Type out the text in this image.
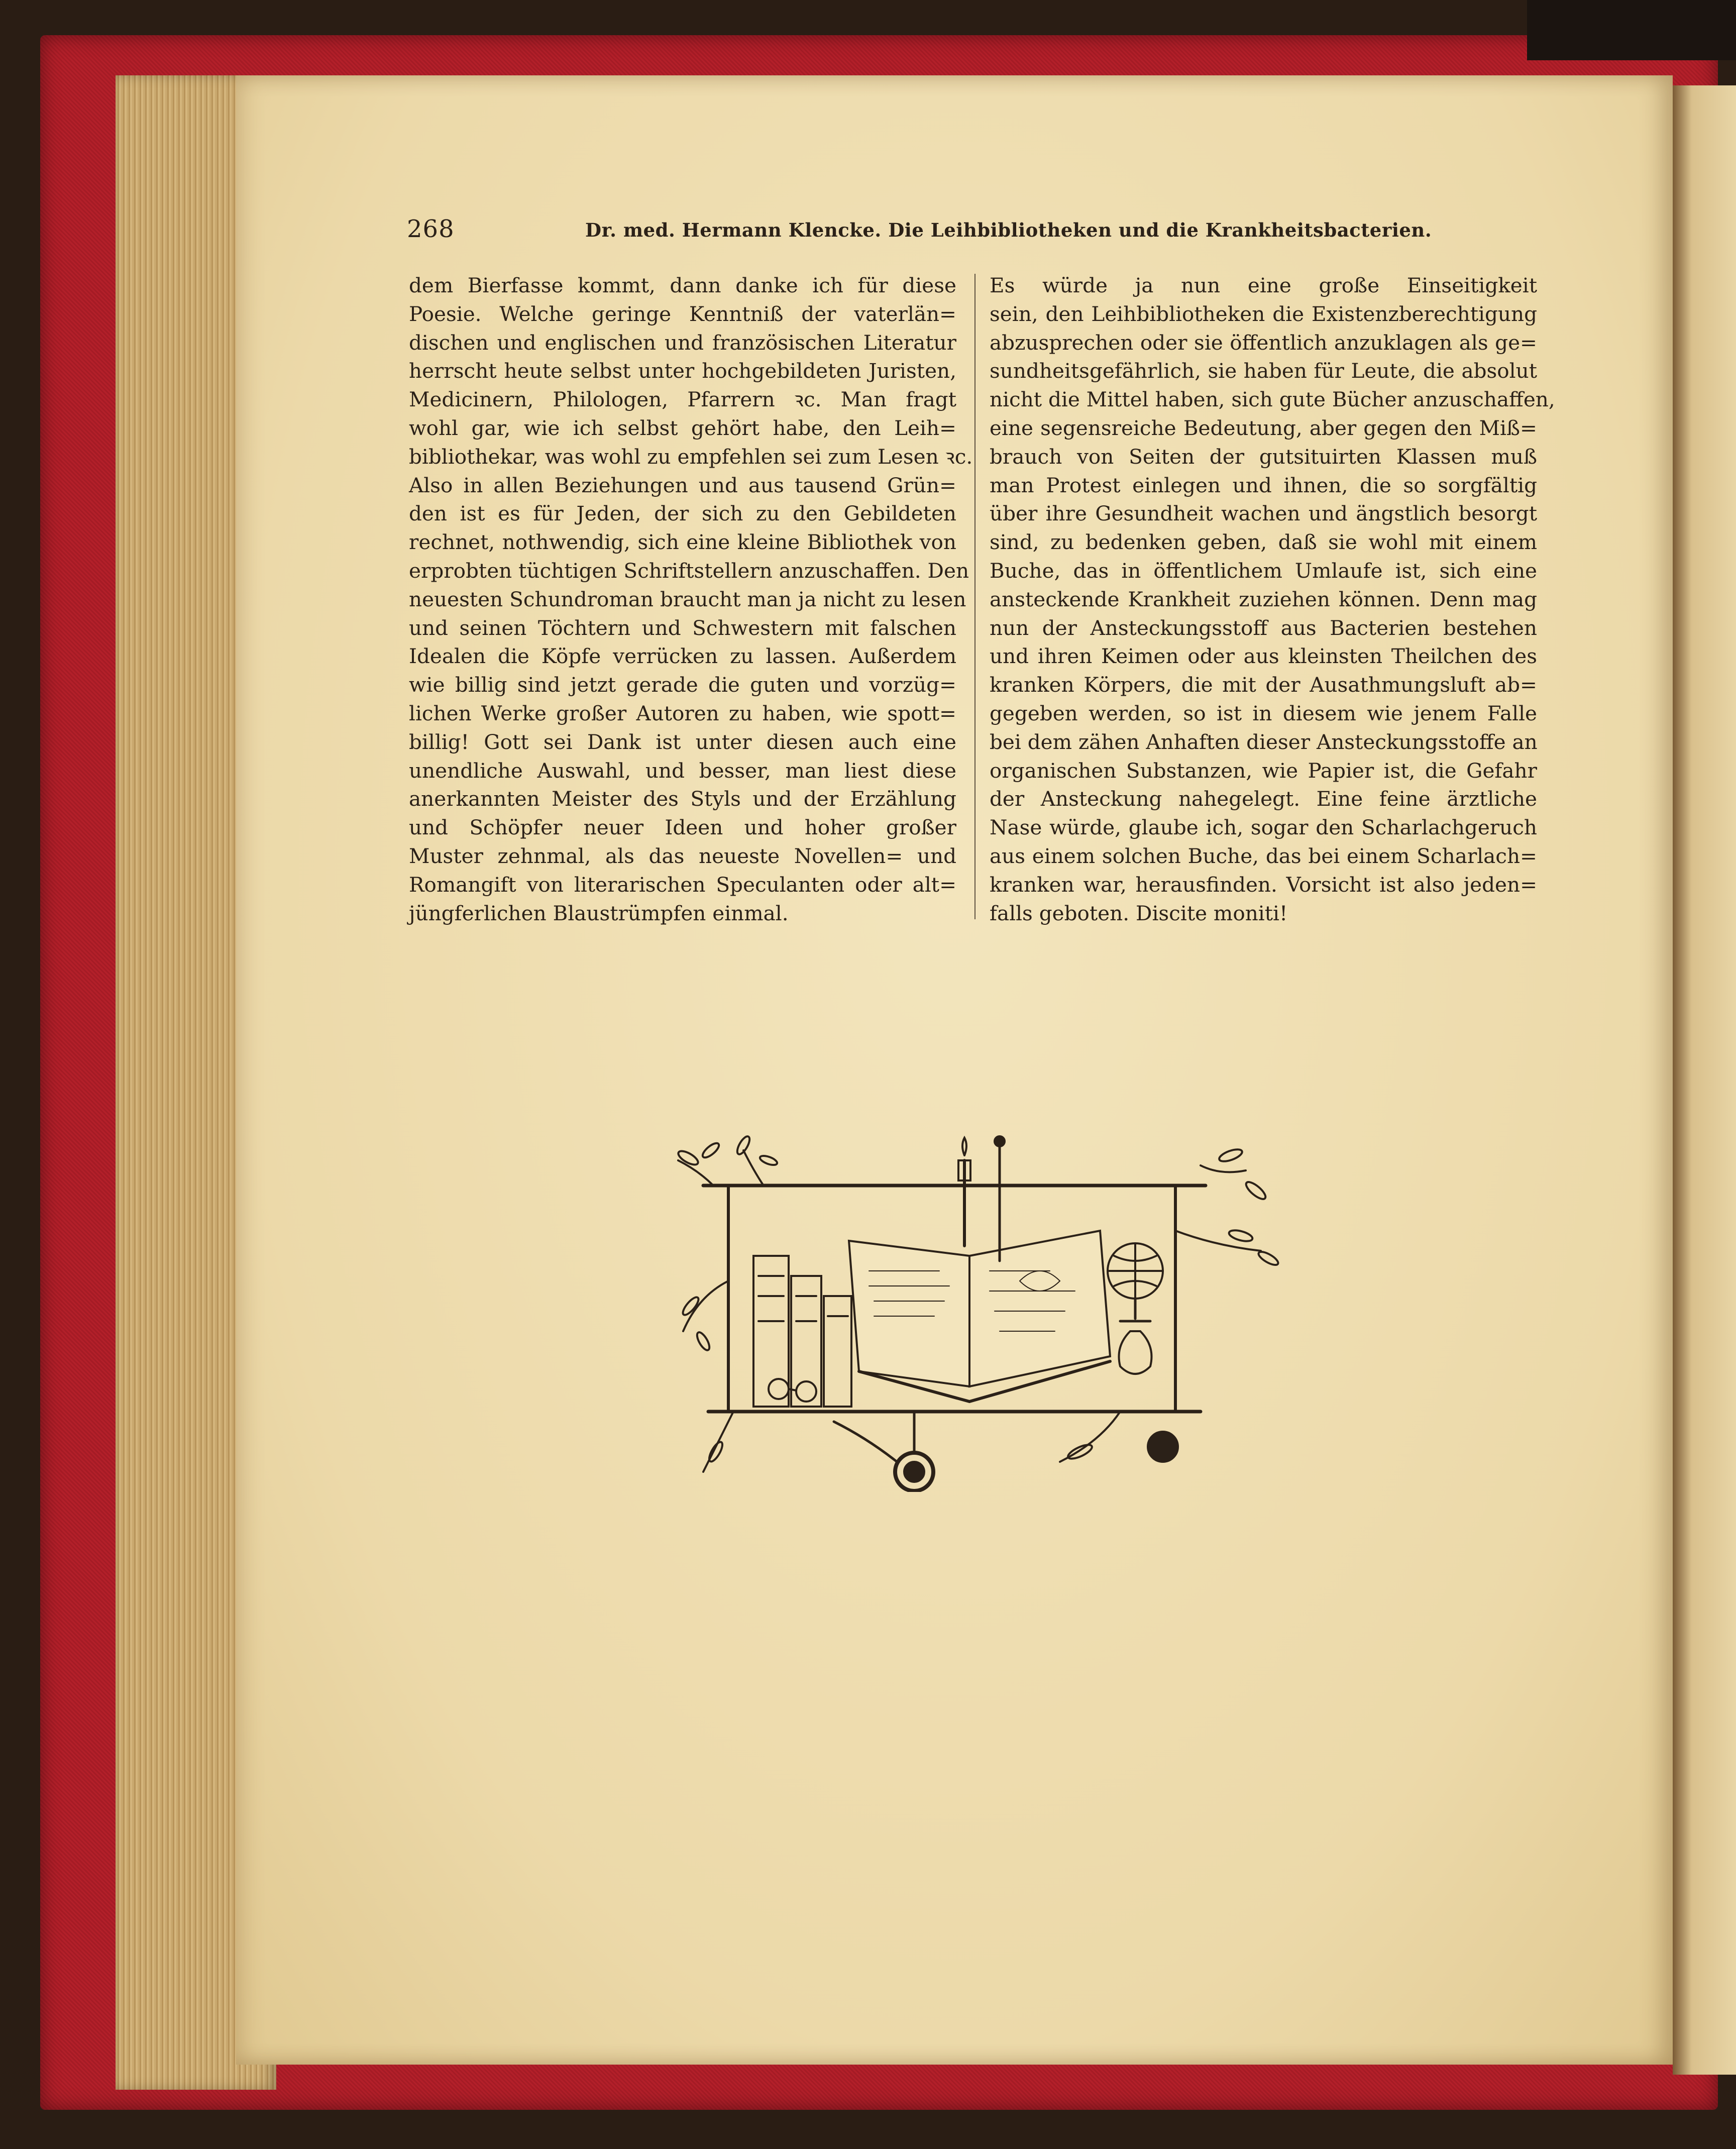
268	Dr. med. Hermann Klencke. Die Leihbibliotheken und die Krankheitsbacterien.
dem Bierfasse kommt, dann danke ich für diese
Poesie. Welche geringe Kenntniß der vaterlän=
dischen und englischen und französischen Literatur
herrscht heute selbst unter hochgebildeten Juristen,
Medicinern, Philologen, Pfarrern ꝛc. Man fragt
wohl gar, wie ich selbst gehört habe, den Leih=
bibliothekar, was wohl zu empfehlen sei zum Lesen ꝛc.
Also in allen Beziehungen und aus tausend Grün=
den ist es für Jeden, der sich zu den Gebildeten
rechnet, nothwendig, sich eine kleine Bibliothek von
erprobten tüchtigen Schriftstellern anzuschaffen. Den
neuesten Schundroman braucht man ja nicht zu lesen
und seinen Töchtern und Schwestern mit falschen
Idealen die Köpfe verrücken zu lassen. Außerdem
wie billig sind jetzt gerade die guten und vorzüg=
lichen Werke großer Autoren zu haben, wie spott=
billig! Gott sei Dank ist unter diesen auch eine
unendliche Auswahl, und besser, man liest diese
anerkannten Meister des Styls und der Erzählung
und Schöpfer neuer Ideen und hoher großer
Muster zehnmal, als das neueste Novellen= und
Romangift von literarischen Speculanten oder alt=
jüngferlichen Blaustrümpfen einmal.
Es würde ja nun eine große Einseitigkeit
sein, den Leihbibliotheken die Existenzberechtigung
abzusprechen oder sie öffentlich anzuklagen als ge=
sundheitsgefährlich, sie haben für Leute, die absolut
nicht die Mittel haben, sich gute Bücher anzuschaffen,
eine segensreiche Bedeutung, aber gegen den Miß=
brauch von Seiten der gutsituirten Klassen muß
man Protest einlegen und ihnen, die so sorgfältig
über ihre Gesundheit wachen und ängstlich besorgt
sind, zu bedenken geben, daß sie wohl mit einem
Buche, das in öffentlichem Umlaufe ist, sich eine
ansteckende Krankheit zuziehen können. Denn mag
nun der Ansteckungsstoff aus Bacterien bestehen
und ihren Keimen oder aus kleinsten Theilchen des
kranken Körpers, die mit der Ausathmungsluft ab=
gegeben werden, so ist in diesem wie jenem Falle
bei dem zähen Anhaften dieser Ansteckungsstoffe an
organischen Substanzen, wie Papier ist, die Gefahr
der Ansteckung nahegelegt. Eine feine ärztliche
Nase würde, glaube ich, sogar den Scharlachgeruch
aus einem solchen Buche, das bei einem Scharlach=
kranken war, herausfinden. Vorsicht ist also jeden=
falls geboten. Discite moniti!
